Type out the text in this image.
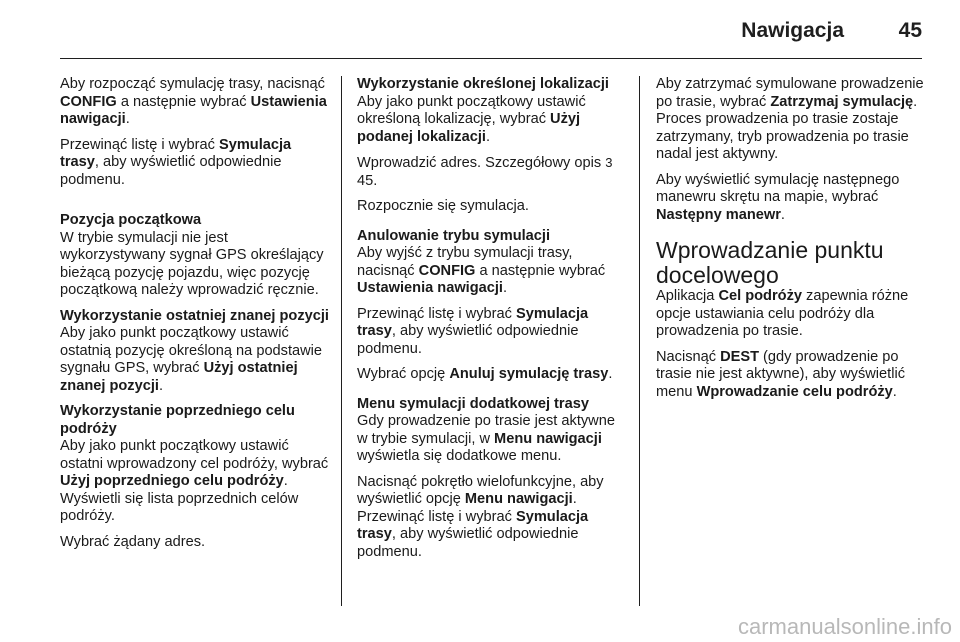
Nawigacja	45

Aby rozpocząć symulację trasy, nacisnąć CONFIG a następnie wybrać Ustawienia nawigacji.

Przewinąć listę i wybrać Symulacja trasy, aby wyświetlić odpowiednie podmenu.

Pozycja początkowa

W trybie symulacji nie jest wykorzystywany sygnał GPS określający bieżącą pozycję pojazdu, więc pozycję początkową należy wprowadzić ręcznie.

Wykorzystanie ostatniej znanej pozycji

Aby jako punkt początkowy ustawić ostatnią pozycję określoną na podstawie sygnału GPS, wybrać Użyj ostatniej znanej pozycji.

Wykorzystanie poprzedniego celu podróży

Aby jako punkt początkowy ustawić ostatni wprowadzony cel podróży, wybrać Użyj poprzedniego celu podróży. Wyświetli się lista poprzednich celów podróży.

Wybrać żądany adres.

Wykorzystanie określonej lokalizacji

Aby jako punkt początkowy ustawić określoną lokalizację, wybrać Użyj podanej lokalizacji.

Wprowadzić adres. Szczegółowy opis 3 45.

Rozpocznie się symulacja.

Anulowanie trybu symulacji

Aby wyjść z trybu symulacji trasy, nacisnąć CONFIG a następnie wybrać Ustawienia nawigacji.

Przewinąć listę i wybrać Symulacja trasy, aby wyświetlić odpowiednie podmenu.

Wybrać opcję Anuluj symulację trasy.

Menu symulacji dodatkowej trasy

Gdy prowadzenie po trasie jest aktywne w trybie symulacji, w Menu nawigacji wyświetla się dodatkowe menu.

Nacisnąć pokrętło wielofunkcyjne, aby wyświetlić opcję Menu nawigacji.
Przewinąć listę i wybrać Symulacja trasy, aby wyświetlić odpowiednie podmenu.

Aby zatrzymać symulowane prowadzenie po trasie, wybrać Zatrzymaj symulację. Proces prowadzenia po trasie zostaje zatrzymany, tryb prowadzenia po trasie nadal jest aktywny.

Aby wyświetlić symulację następnego manewru skrętu na mapie, wybrać Następny manewr.

Wprowadzanie punktu docelowego

Aplikacja Cel podróży zapewnia różne opcje ustawiania celu podróży dla prowadzenia po trasie.

Nacisnąć DEST (gdy prowadzenie po trasie nie jest aktywne), aby wyświetlić menu Wprowadzanie celu podróży.

carmanualsonline.info
